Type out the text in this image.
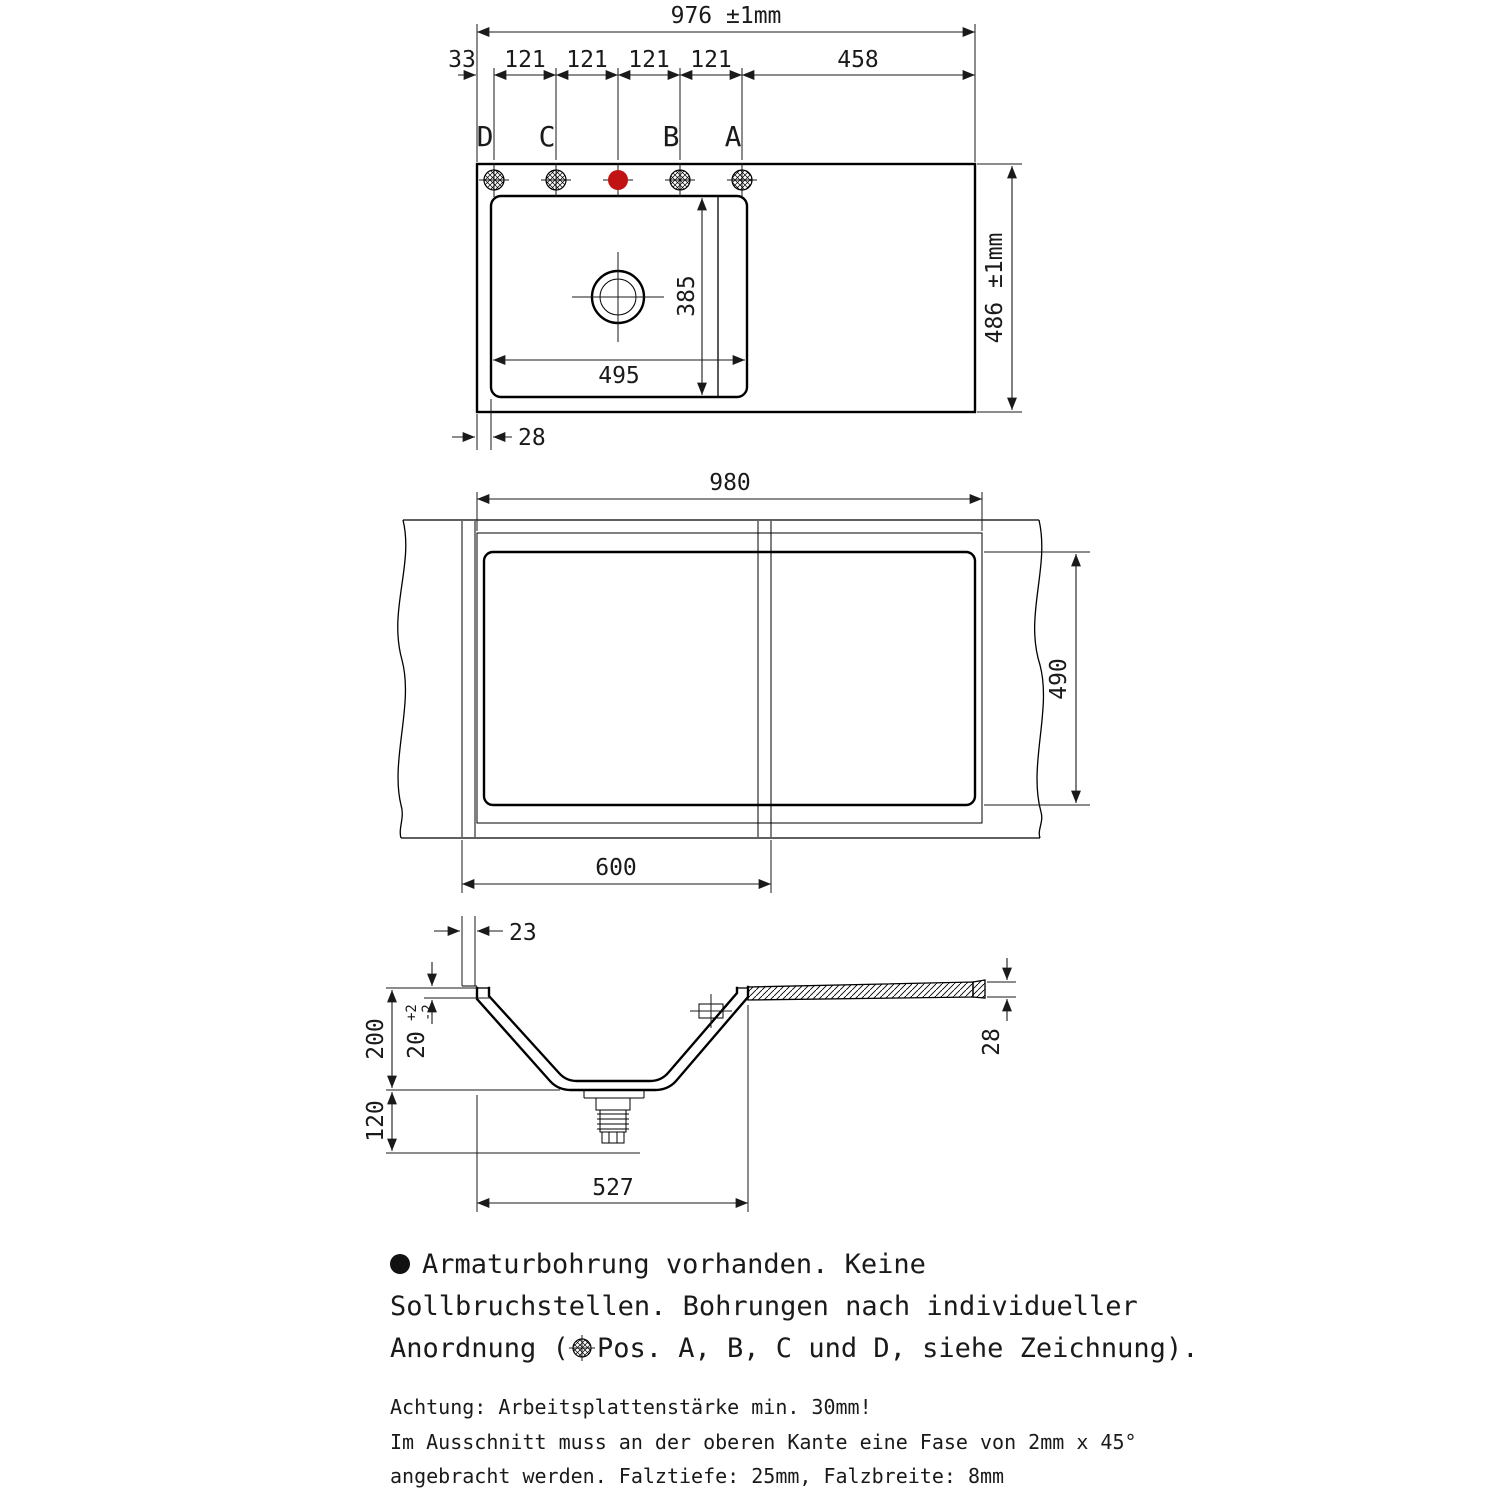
D C	B A
976 ±1mm
33 121 121 121 121	458
486 ±1mm
495
385
28
980
490
600
23
200 20
+2 -2
120
28
527
Armaturbohrung vorhanden. Keine
Sollbruchstellen. Bohrungen nach individueller
Anordnung ( Pos. A, B, C und D, siehe Zeichnung).
Achtung: Arbeitsplattenstärke min. 30mm!
Im Ausschnitt muss an der oberen Kante eine Fase von 2mm x 45°
angebracht werden. Falztiefe: 25mm, Falzbreite: 8mm
